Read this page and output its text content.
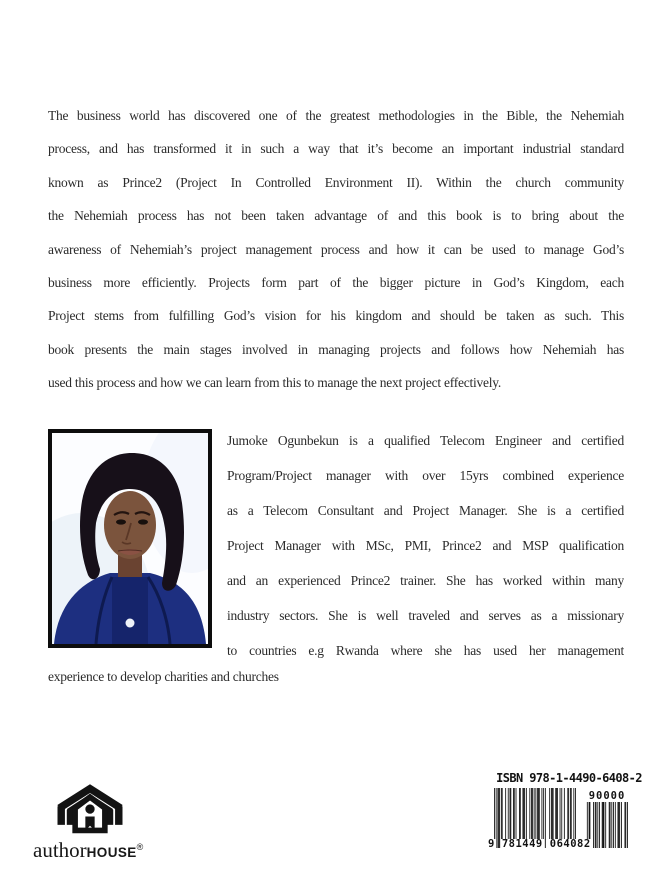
The business world has discovered one of the greatest methodologies in the Bible, the Nehemiah
process, and has transformed it in such a way that it’s become an important industrial standard
known as Prince2 (Project In Controlled Environment II). Within the church community
the Nehemiah process has not been taken advantage of and this book is to bring about the
awareness of Nehemiah’s project management process and how it can be used to manage God’s
business more efficiently. Projects form part of the bigger picture in God’s Kingdom, each
Project stems from fulfilling God’s vision for his kingdom and should be taken as such. This
book presents the main stages involved in managing projects and follows how Nehemiah has
used this process and how we can learn from this to manage the next project effectively.
Jumoke Ogunbekun is a qualified Telecom Engineer and certified
Program/Project manager with over 15yrs combined experience
as a Telecom Consultant and Project Manager. She is a certified
Project Manager with MSc, PMI, Prince2 and MSP qualification
and an experienced Prince2 trainer. She has worked within many
industry sectors. She is well traveled and serves as a missionary
to countries e.g Rwanda where she has used her management
experience to develop charities and churches
authorHOUSE®
ISBN 978-1-4490-6408-2
90000
9 781449 064082
